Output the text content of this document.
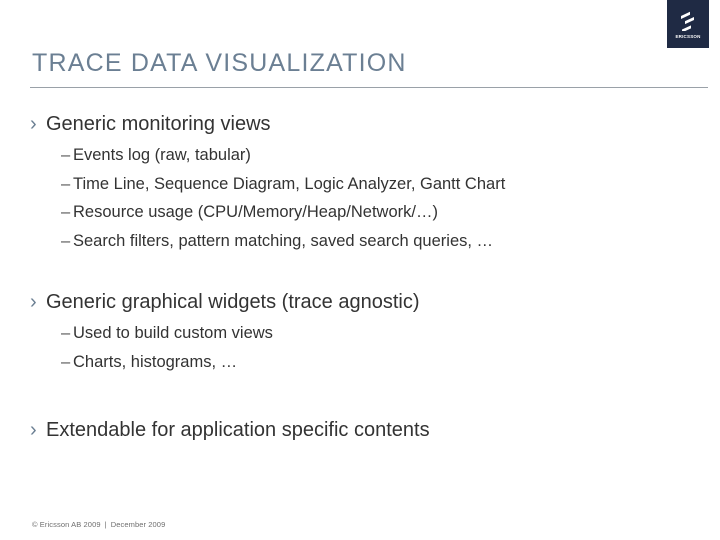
ERICSSON
TRACE DATA VISUALIZATION
› Generic monitoring views
– Events log (raw, tabular)
– Time Line, Sequence Diagram, Logic Analyzer, Gantt Chart
– Resource usage (CPU/Memory/Heap/Network/…)
– Search filters, pattern matching, saved search queries, …
› Generic graphical widgets (trace agnostic)
– Used to build custom views
– Charts, histograms, …
› Extendable for application specific contents
© Ericsson AB 2009 | December 2009
